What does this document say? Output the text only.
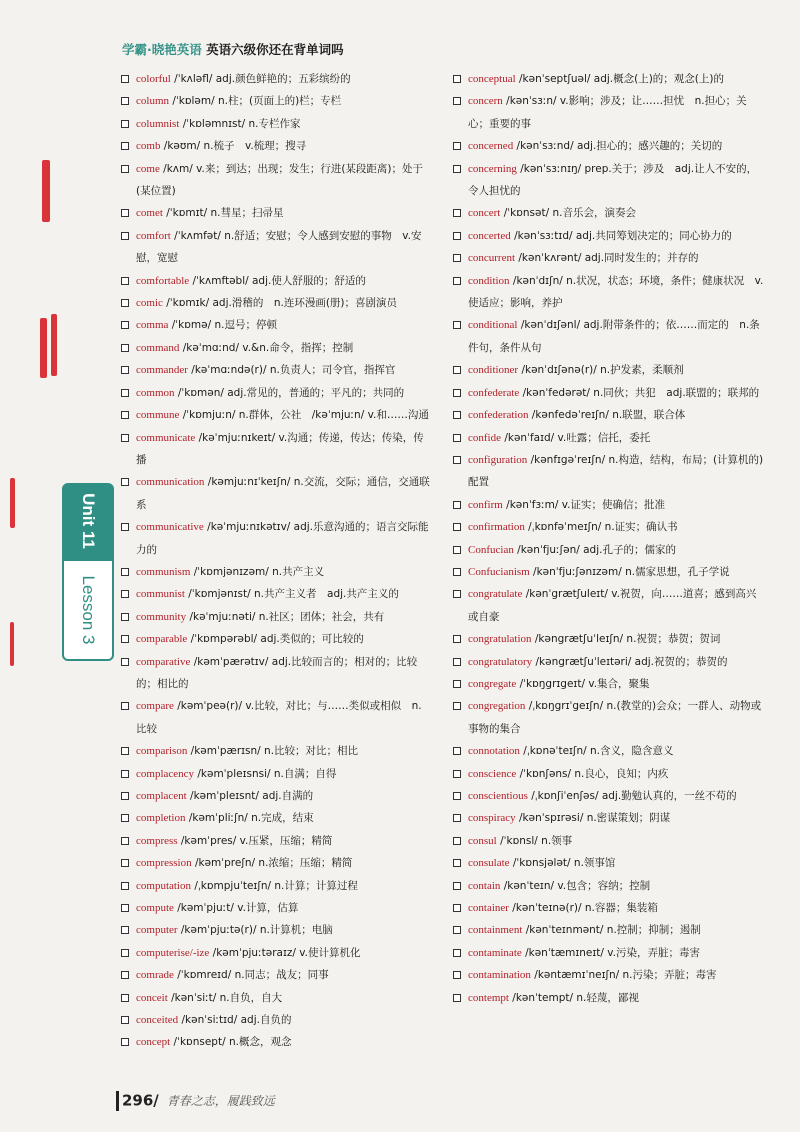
学霸·晓艳英语 英语六级你还在背单词吗
Unit 11
Lesson 3
colorful /ˈkʌləfl/ adj.颜色鲜艳的；五彩缤纷的
column /ˈkɒləm/ n.柱；(页面上的)栏；专栏
columnist /ˈkɒləmnɪst/ n.专栏作家
comb /kəʊm/ n.梳子　v.梳理；搜寻
come /kʌm/ v.来；到达；出现；发生；行进(某段距离)；处于(某位置)
comet /ˈkɒmɪt/ n.彗星；扫帚星
comfort /ˈkʌmfət/ n.舒适；安慰；令人感到安慰的事物　v.安慰，宽慰
comfortable /ˈkʌmftəbl/ adj.使人舒服的；舒适的
comic /ˈkɒmɪk/ adj.滑稽的　n.连环漫画(册)；喜剧演员
comma /ˈkɒmə/ n.逗号；停顿
command /kəˈmɑːnd/ v.&n.命令，指挥；控制
commander /kəˈmɑːndə(r)/ n.负责人；司令官，指挥官
common /ˈkɒmən/ adj.常见的，普通的；平凡的；共同的
commune /ˈkɒmjuːn/ n.群体，公社　/kəˈmjuːn/ v.和……沟通
communicate /kəˈmjuːnɪkeɪt/ v.沟通；传递，传达；传染，传播
communication /kəmjuːnɪˈkeɪʃn/ n.交流，交际；通信，交通联系
communicative /kəˈmjuːnɪkətɪv/ adj.乐意沟通的；语言交际能力的
communism /ˈkɒmjənɪzəm/ n.共产主义
communist /ˈkɒmjənɪst/ n.共产主义者　adj.共产主义的
community /kəˈmjuːnəti/ n.社区；团体；社会，共有
comparable /ˈkɒmpərəbl/ adj.类似的；可比较的
comparative /kəmˈpærətɪv/ adj.比较而言的；相对的；比较的；相比的
compare /kəmˈpeə(r)/ v.比较，对比；与……类似或相似　n.比较
comparison /kəmˈpærɪsn/ n.比较；对比；相比
complacency /kəmˈpleɪsnsi/ n.自满；自得
complacent /kəmˈpleɪsnt/ adj.自满的
completion /kəmˈpliːʃn/ n.完成，结束
compress /kəmˈpres/ v.压紧，压缩；精简
compression /kəmˈpreʃn/ n.浓缩；压缩；精简
computation /ˌkɒmpjuˈteɪʃn/ n.计算；计算过程
compute /kəmˈpjuːt/ v.计算，估算
computer /kəmˈpjuːtə(r)/ n.计算机；电脑
computerise/-ize /kəmˈpjuːtəraɪz/ v.使计算机化
comrade /ˈkɒmreɪd/ n.同志；战友；同事
conceit /kənˈsiːt/ n.自负，自大
conceited /kənˈsiːtɪd/ adj.自负的
concept /ˈkɒnsept/ n.概念，观念
conceptual /kənˈseptʃuəl/ adj.概念(上)的；观念(上)的
concern /kənˈsɜːn/ v.影响；涉及；让……担忧　n.担心；关心；重要的事
concerned /kənˈsɜːnd/ adj.担心的；感兴趣的；关切的
concerning /kənˈsɜːnɪŋ/ prep.关于；涉及　adj.让人不安的，令人担忧的
concert /ˈkɒnsət/ n.音乐会，演奏会
concerted /kənˈsɜːtɪd/ adj.共同筹划决定的；同心协力的
concurrent /kənˈkʌrənt/ adj.同时发生的；并存的
condition /kənˈdɪʃn/ n.状况，状态；环境，条件；健康状况　v.使适应；影响，养护
conditional /kənˈdɪʃənl/ adj.附带条件的；依……而定的　n.条件句，条件从句
conditioner /kənˈdɪʃənə(r)/ n.护发素，柔顺剂
confederate /kənˈfedərət/ n.同伙；共犯　adj.联盟的；联邦的
confederation /kənfedəˈreɪʃn/ n.联盟，联合体
confide /kənˈfaɪd/ v.吐露；信托，委托
configuration /kənfɪgəˈreɪʃn/ n.构造，结构，布局；(计算机的)配置
confirm /kənˈfɜːm/ v.证实；使确信；批准
confirmation /ˌkɒnfəˈmeɪʃn/ n.证实；确认书
Confucian /kənˈfjuːʃən/ adj.孔子的；儒家的
Confucianism /kənˈfjuːʃənɪzəm/ n.儒家思想，孔子学说
congratulate /kənˈgrætʃuleɪt/ v.祝贺，向……道喜；感到高兴或自豪
congratulation /kəngrætʃuˈleɪʃn/ n.祝贺；恭贺；贺词
congratulatory /kəngrætʃuˈleɪtəri/ adj.祝贺的；恭贺的
congregate /ˈkɒŋgrɪgeɪt/ v.集合，聚集
congregation /ˌkɒŋgrɪˈgeɪʃn/ n.(教堂的)会众；一群人、动物或事物的集合
connotation /ˌkɒnəˈteɪʃn/ n.含义，隐含意义
conscience /ˈkɒnʃəns/ n.良心，良知；内疚
conscientious /ˌkɒnʃiˈenʃəs/ adj.勤勉认真的，一丝不苟的
conspiracy /kənˈspɪrəsi/ n.密谋策划；阴谋
consul /ˈkɒnsl/ n.领事
consulate /ˈkɒnsjələt/ n.领事馆
contain /kənˈteɪn/ v.包含；容纳；控制
container /kənˈteɪnə(r)/ n.容器；集装箱
containment /kənˈteɪnmənt/ n.控制；抑制；遏制
contaminate /kənˈtæmɪneɪt/ v.污染，弄脏；毒害
contamination /kəntæmɪˈneɪʃn/ n.污染；弄脏；毒害
contempt /kənˈtempt/ n.轻蔑，鄙视
296/ 青春之志，履践致远
